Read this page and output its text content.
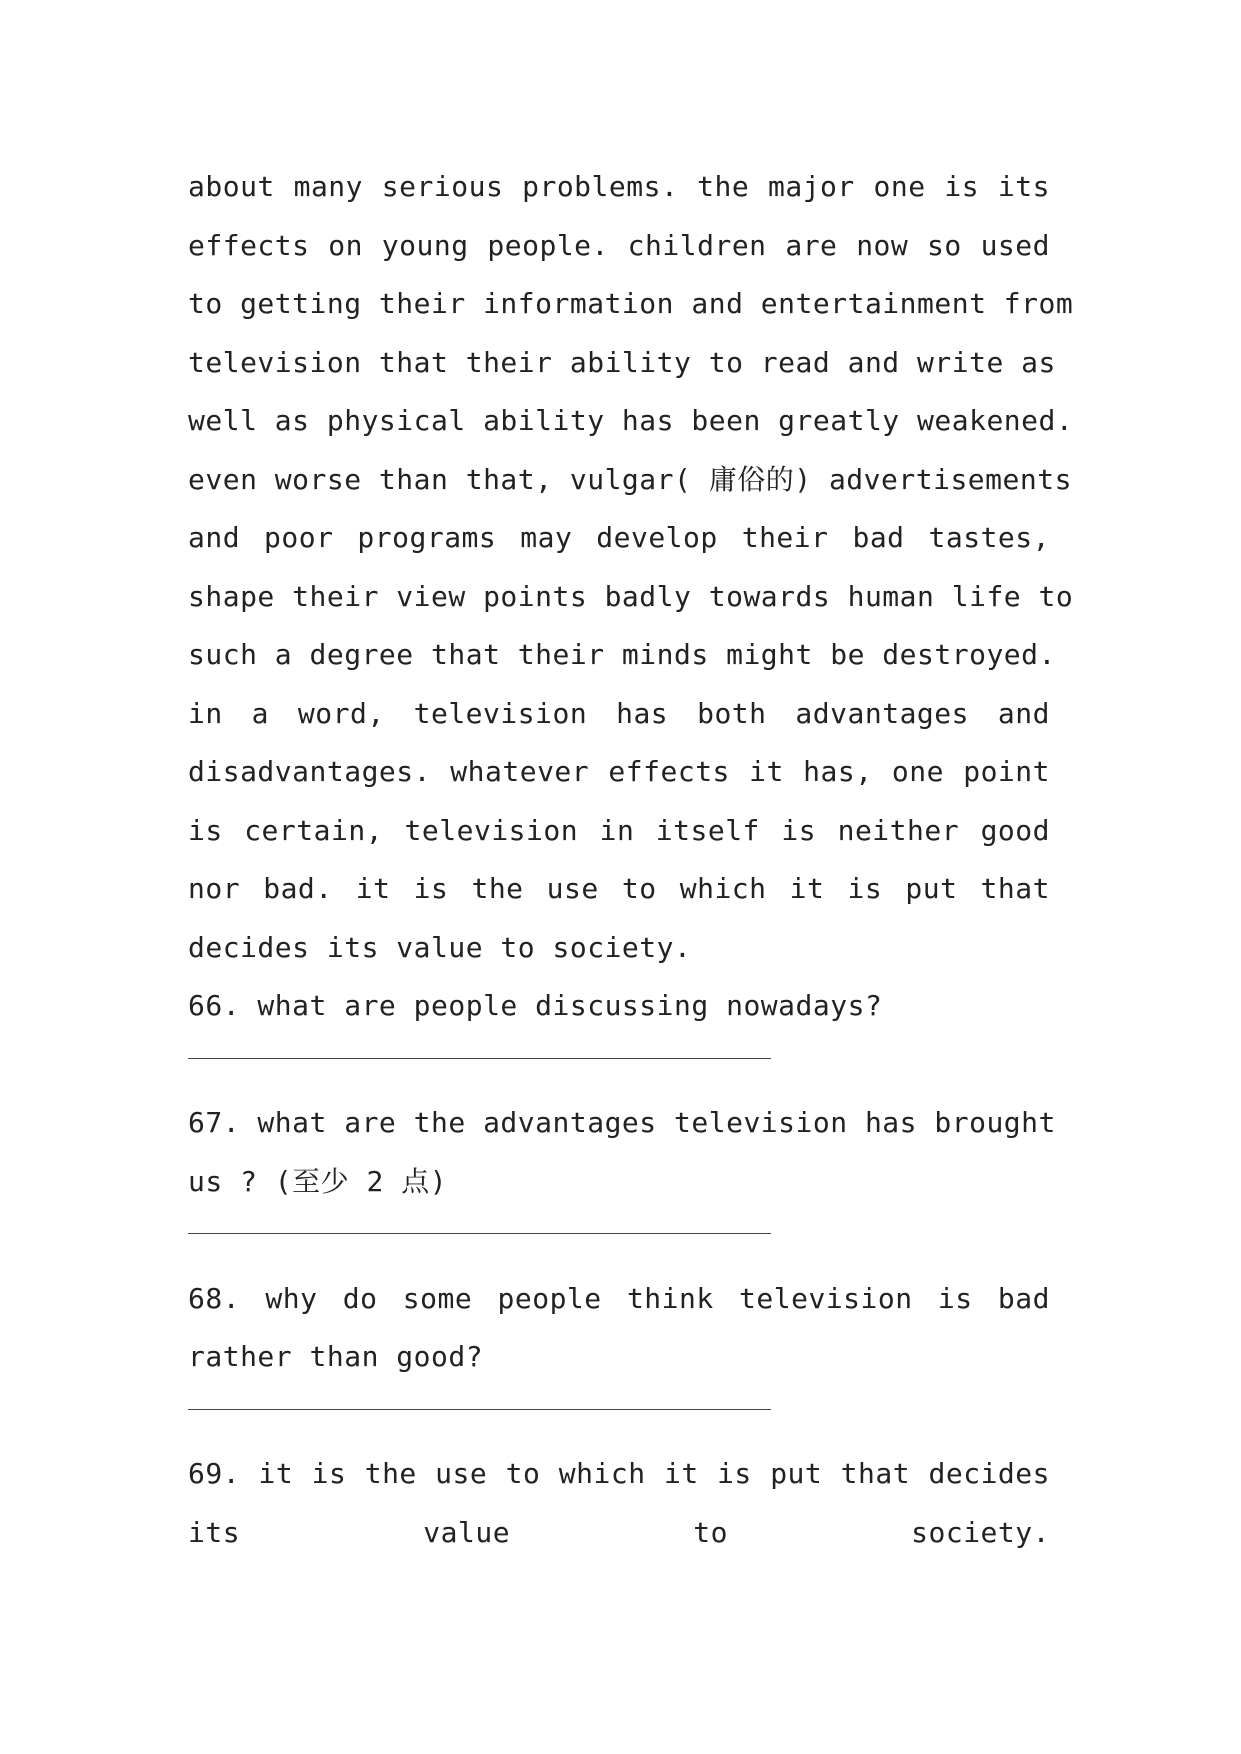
about many serious problems. the major one is its
effects on young people. children are now so used
to getting their information and entertainment from
television that their ability to read and write as
well as physical ability has been greatly weakened.
even worse than that, vulgar( 庸俗的) advertisements
and poor programs may develop their bad tastes,
shape their view points badly towards human life to
such a degree that their minds might be destroyed.
in a word, television has both advantages and
disadvantages. whatever effects it has, one point
is certain, television in itself is neither good
nor bad. it is the use to which it is put that
decides its value to society.
66. what are people discussing nowadays?
67. what are the advantages television has brought
us ? (至少 2 点)
68. why do some people think television is bad
rather than good?
69. it is the use to which it is put that decides
its value to society.
